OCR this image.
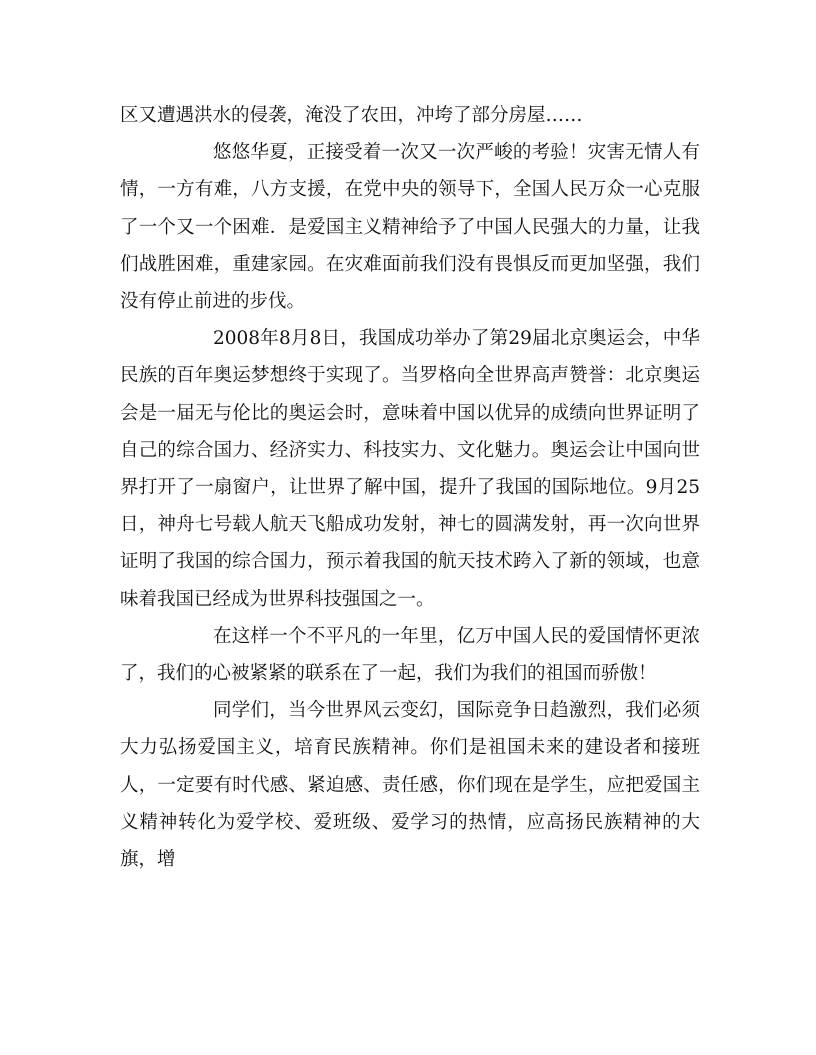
区又遭遇洪水的侵袭，淹没了农田，冲垮了部分房屋……

悠悠华夏，正接受着一次又一次严峻的考验！灾害无情人有情，一方有难，八方支援，在党中央的领导下，全国人民万众一心克服了一个又一个困难．是爱国主义精神给予了中国人民强大的力量，让我们战胜困难，重建家园。在灾难面前我们没有畏惧反而更加坚强，我们没有停止前进的步伐。

2008年8月8日，我国成功举办了第29届北京奥运会，中华民族的百年奥运梦想终于实现了。当罗格向全世界高声赞誉：北京奥运会是一届无与伦比的奥运会时，意味着中国以优异的成绩向世界证明了自己的综合国力、经济实力、科技实力、文化魅力。奥运会让中国向世界打开了一扇窗户，让世界了解中国，提升了我国的国际地位。9月25日，神舟七号载人航天飞船成功发射，神七的圆满发射，再一次向世界证明了我国的综合国力，预示着我国的航天技术跨入了新的领域，也意味着我国已经成为世界科技强国之一。

在这样一个不平凡的一年里，亿万中国人民的爱国情怀更浓了，我们的心被紧紧的联系在了一起，我们为我们的祖国而骄傲！

同学们，当今世界风云变幻，国际竞争日趋激烈，我们必须大力弘扬爱国主义，培育民族精神。你们是祖国未来的建设者和接班人，一定要有时代感、紧迫感、责任感，你们现在是学生，应把爱国主义精神转化为爱学校、爱班级、爱学习的热情，应高扬民族精神的大旗，增
